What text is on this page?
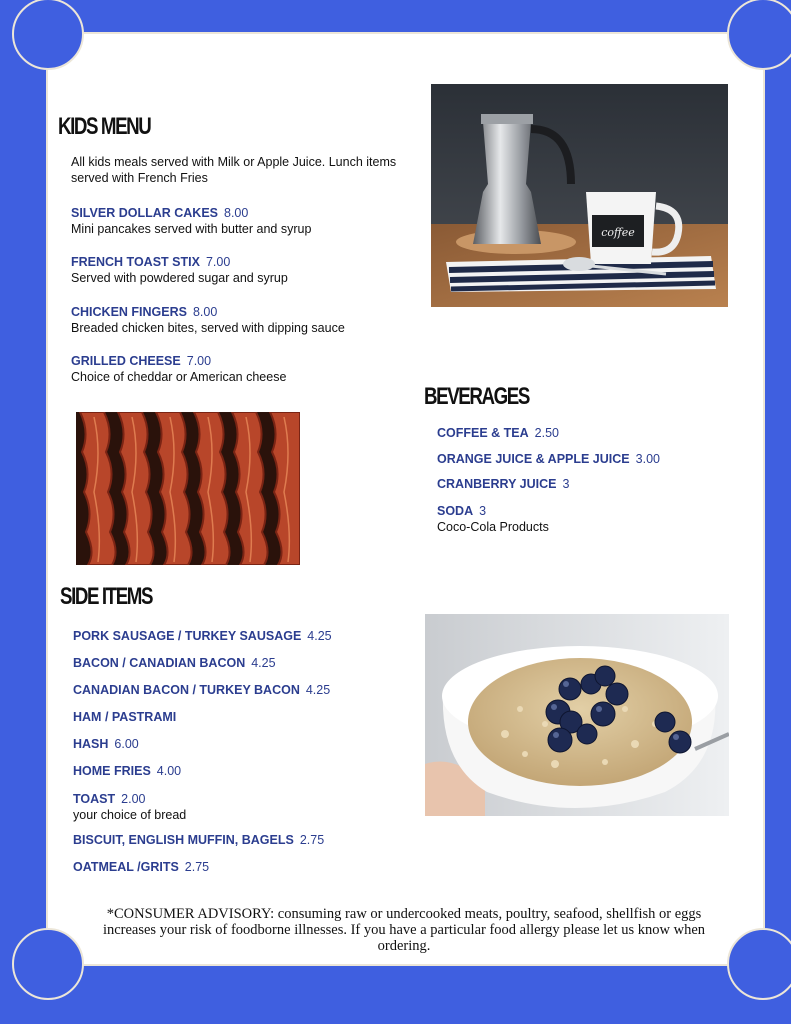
KIDS MENU
All kids meals served with Milk or Apple Juice. Lunch items served with French Fries
SILVER DOLLAR CAKES 8.00
Mini pancakes served with butter and syrup
FRENCH TOAST STIX 7.00
Served with powdered sugar and syrup
CHICKEN FINGERS 8.00
Breaded chicken bites, served with dipping sauce
GRILLED CHEESE 7.00
Choice of cheddar or American cheese
coffee
BEVERAGES
COFFEE & TEA 2.50
ORANGE JUICE & APPLE JUICE 3.00
CRANBERRY JUICE 3
SODA 3
Coco-Cola Products
SIDE ITEMS
PORK SAUSAGE / TURKEY SAUSAGE 4.25
BACON / CANADIAN BACON 4.25
CANADIAN BACON / TURKEY BACON 4.25
HAM / PASTRAMI
HASH 6.00
HOME FRIES 4.00
TOAST 2.00
your choice of bread
BISCUIT, ENGLISH MUFFIN, BAGELS 2.75
OATMEAL /GRITS 2.75
*CONSUMER ADVISORY: consuming raw or undercooked meats, poultry, seafood, shellfish or eggs increases your risk of foodborne illnesses. If you have a particular food allergy please let us know when ordering.
